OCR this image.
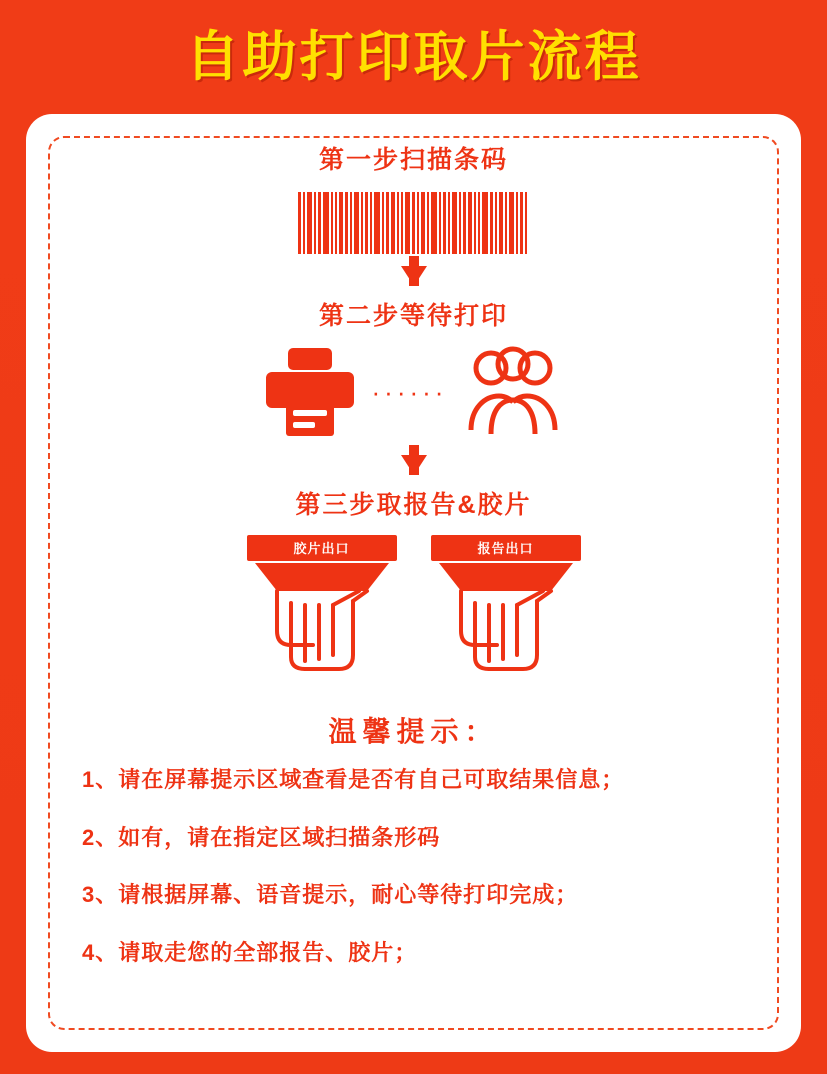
自助打印取片流程
第一步扫描条码
第二步等待打印
······
第三步取报告&胶片
胶片出口	报告出口
温馨提示：
1、请在屏幕提示区域查看是否有自己可取结果信息；
2、如有，请在指定区域扫描条形码
3、请根据屏幕、语音提示，耐心等待打印完成；
4、请取走您的全部报告、胶片；
